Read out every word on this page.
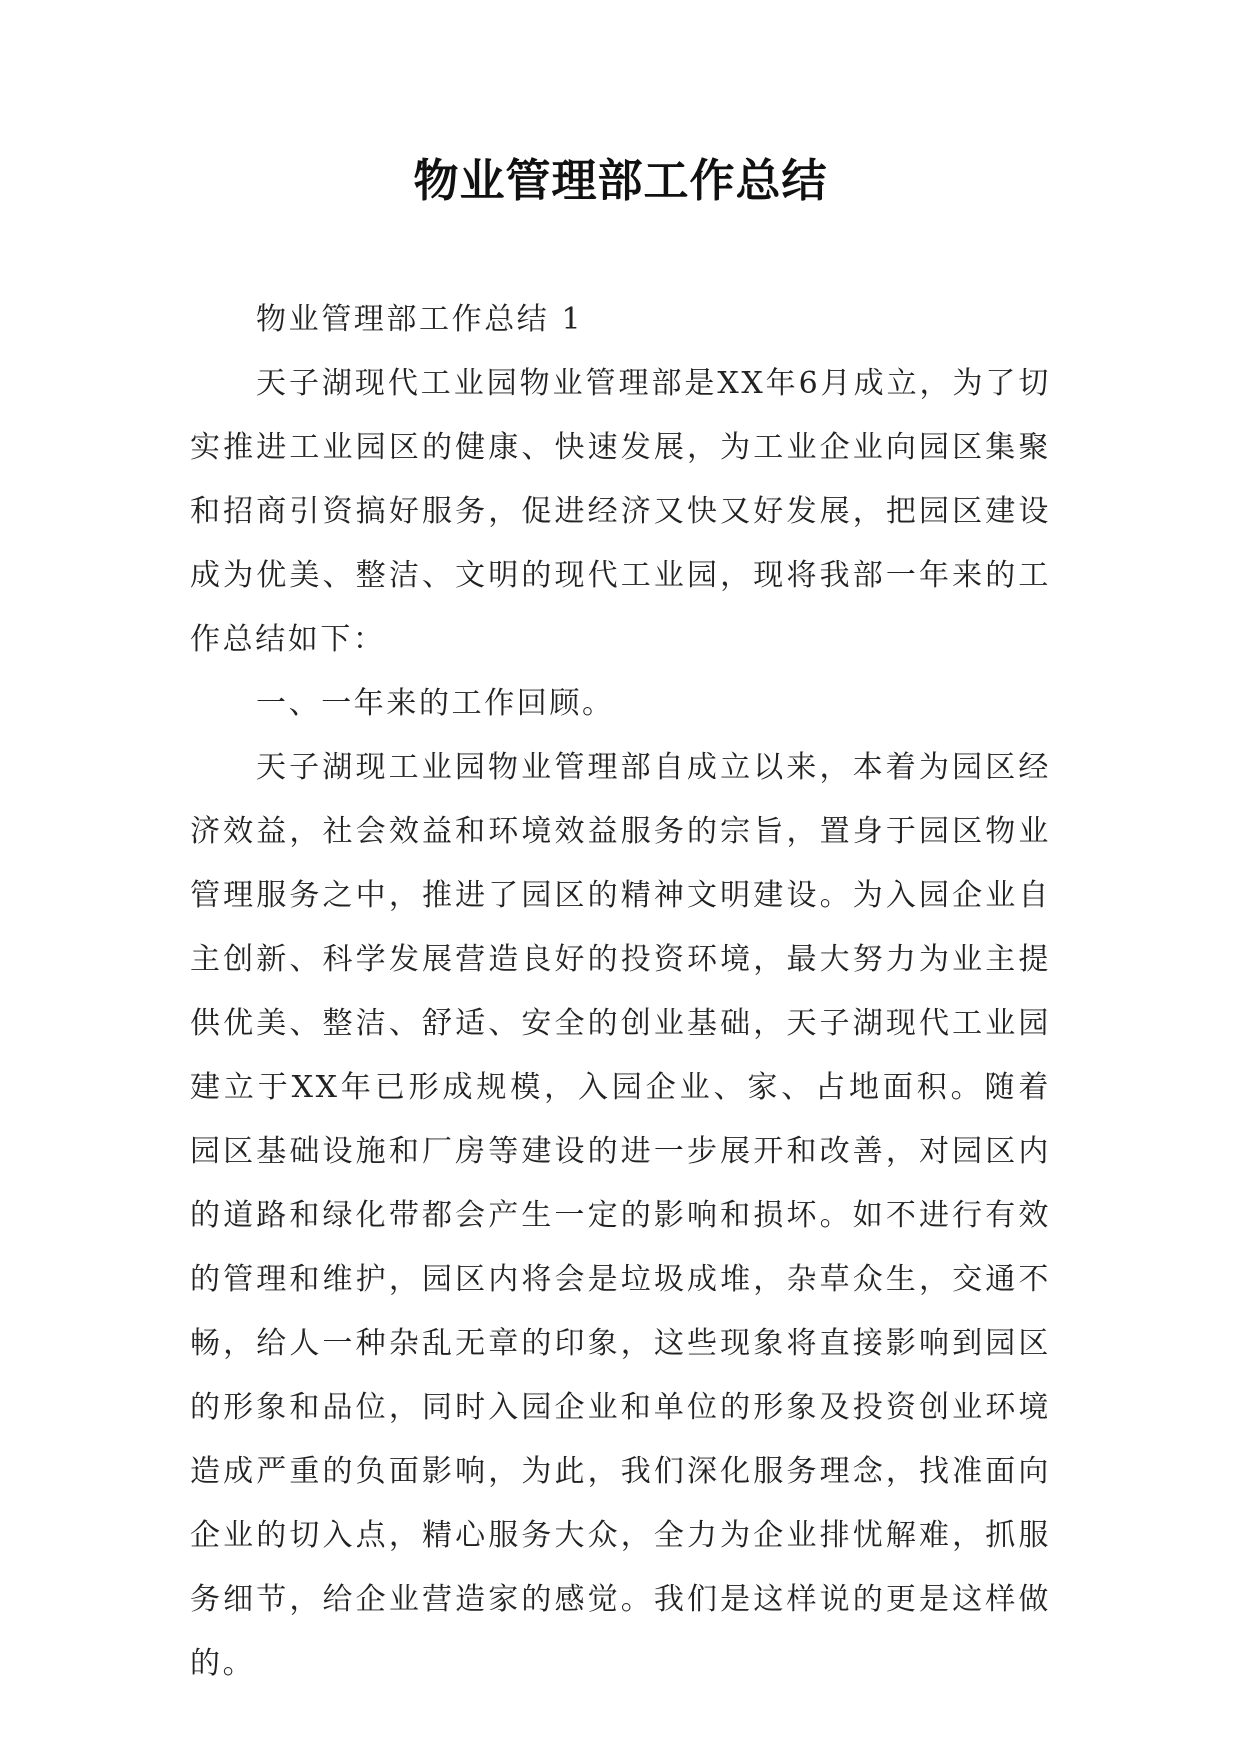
物业管理部工作总结

物业管理部工作总结 1

天子湖现代工业园物业管理部是XX年6月成立，为了切实推进工业园区的健康、快速发展，为工业企业向园区集聚和招商引资搞好服务，促进经济又快又好发展，把园区建设成为优美、整洁、文明的现代工业园，现将我部一年来的工作总结如下：

一、一年来的工作回顾。

天子湖现工业园物业管理部自成立以来，本着为园区经济效益，社会效益和环境效益服务的宗旨，置身于园区物业管理服务之中，推进了园区的精神文明建设。为入园企业自主创新、科学发展营造良好的投资环境，最大努力为业主提供优美、整洁、舒适、安全的创业基础，天子湖现代工业园建立于XX年已形成规模，入园企业、家、占地面积。随着园区基础设施和厂房等建设的进一步展开和改善，对园区内的道路和绿化带都会产生一定的影响和损坏。如不进行有效的管理和维护，园区内将会是垃圾成堆，杂草众生，交通不畅，给人一种杂乱无章的印象，这些现象将直接影响到园区的形象和品位，同时入园企业和单位的形象及投资创业环境造成严重的负面影响，为此，我们深化服务理念，找准面向企业的切入点，精心服务大众，全力为企业排忧解难，抓服务细节，给企业营造家的感觉。我们是这样说的更是这样做的。
